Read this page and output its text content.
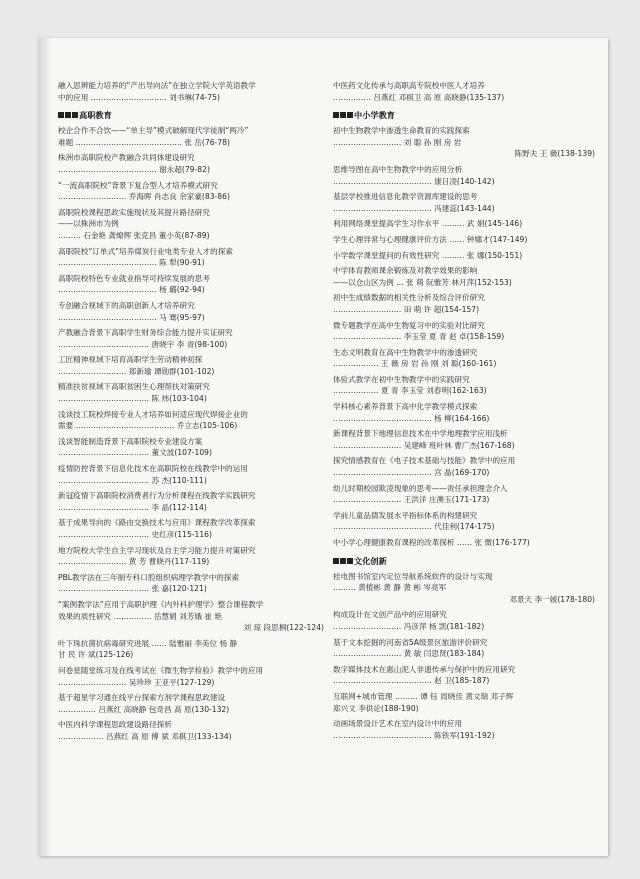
融入思辨能力培养的“产出导向法”在独立学院大学英语教学
中的应用 ………………………… 刘书琳(74-75)
高职教育
校企合作不合饮——“单主导”模式破解现代学徒制“两冷”
难题 …………………………………… 张 岳(76-78)
株洲市高职院校产教融合共同体建设研究
………………………………… 谢永超(79-82)
“一流高职院校”背景下复合型人才培养模式研究
……………………… 乔海晖 肖志良 余家豪(83-86)
高职院校课程思政实施现状及其提升路径研究
——以株洲市为例
……… 石金艳 龚燎辉 张克昌 董小英(87-89)
高职院校“订单式”培养煤炭行业电类专业人才的探索
………………………………… 陈 犁(90-91)
高职院校特色专业就业指导可持续发展的思考
………………………………… 杨 璐(92-94)
专创融合视域下的高职创新人才培养研究
………………………………… 马 骞(95-97)
产教融合背景下高职学生财务综合能力提升实证研究
……………………………… 唐晓宇 李 青(98-100)
工匠精神视域下培育高职学生劳动精神初探
……………………… 郑新瑜 谭勋群(101-102)
精准扶贫视域下高职贫困生心理帮扶对策研究
……………………………… 陈 炜(103-104)
浅谈技工院校焊接专业人才培养如何适应现代焊接企业的
需要 ………………………………… 乔立志(105-106)
浅谈智能制造背景下高职院校专业建设方案
……………………………… 董文波(107-109)
疫情防控背景下信息化技术在高职院校在线教学中的运用
……………………………… 苏 杰(110-111)
新冠疫情下高职院校消费者行为分析课程在线教学实践研究
……………………………… 李 晶(112-114)
基于成果导向的《路由交换技术与应用》课程教学改革探索
……………………………… 史红彦(115-116)
地方院校大学生自主学习现状及自主学习能力提升对策研究
……………………… 黄 芳 曹晓丹(117-119)
PBL教学法在三年制专科口腔组织病理学教学中的探索
……………………………… 张 嘉(120-121)
“案例教学法”应用于高职护理《内外科护理学》整合课程教学
效果的质性研究 …………… 岳慧娟 刘芳娥 崔 艳
刘 琼 段思桐(122-124)
叶下珠抗菌抗病毒研究进展 …… 陆雅丽 李美位 杨 静
甘 民 许 斌(125-126)
问卷星随堂练习及在线考试在《微生物学检验》教学中的应用
……………………… 吴珍珍 王亚平(127-129)
基于超星学习通在线平台探索方剂学课程思政建设
…………… 吕燕红 高晓静 包奇昌 高 原(130-132)
中医内科学课程思政建设路径探析
……………… 吕燕红 高 原 傅 斌 邓棋卫(133-134)
中医药文化传承与高职高专院校中医人才培养
…………… 吕燕红 邓棋卫 高 原 高晓静(135-137)
中小学教育
初中生物教学中渗透生命教育的实践探索
……………………… 刘 聪 孙 刚 房 岩
陈野夫 王 薇(138-139)
思维导图在高中生物教学中的应用分析
………………………………… 康日凌(140-142)
基层学校推进信息化教学资源库建设的思考
………………………………… 冯建蕊(143-144)
利用网络课堂提高学生习作水平 ……… 武 娟(145-146)
学生心理异常与心理健康评价方法 …… 钟娜才(147-149)
小学数学课堂提问的有效性研究 ……… 张 娜(150-151)
中学体育教师课余锻炼及对教学效果的影响
——以仓山区为例 … 张 萌 阮雅芳 林月萍(152-153)
初中生成绩数据的相关性分析及综合评价研究
……………………… 田 萌 许 超(154-157)
微专题教学在高中生物复习中的实验对比研究
……………………… 李玉莹 夏 青 赵 卓(158-159)
生态文明教育在高中生物教学中的渗透研究
……………… 王 薇 房 岩 孙 刚 刘 聪(160-161)
体验式教学在初中生物教学中的实践研究
……………… 夏 青 李玉莹 刘春明(162-163)
学科核心素养背景下高中化学教学模式探索
………………………………… 杨 柳(164-166)
新课程背景下地理信息技术在中学地理教学应用浅析
……………………… 吴建峰 班叶林 曹广杰(167-168)
探究情感教育在《电子技术基础与技能》教学中的应用
………………………………… 宫 晶(169-170)
幼儿时期校园欺凌现象的思考——责任承担理念介入
……………………… 王洪洋 庄澳玉(171-173)
学前儿童品德发展水平指标体系的构建研究
………………………………… 代佳利(174-175)
中小学心理健康教育课程的改革探析 …… 张 微(176-177)
文化创新
桂电图书馆室内定位导航系统软件的设计与实现
……… 黄植彬 黄 静 黄 彬 岑亮军
邓景天 李一媛(178-180)
构成设计在文创产品中的应用研究
……………………… 冯彦萍 杨 凯(181-182)
基于文本挖掘的河南省5A级景区旅游评价研究
……………………… 黄 敏 闫思贤(183-184)
数字媒体技术在惠山泥人非遗传承与保护中的应用研究
………………………………… 赵 卫(185-187)
互联网+城市管理 ……… 谭 钰 周晓佳 黄文瑞 邓子辉
郑兴文 李供论(188-190)
动画场景设计艺术在室内设计中的应用
………………………………… 陈铁军(191-192)
